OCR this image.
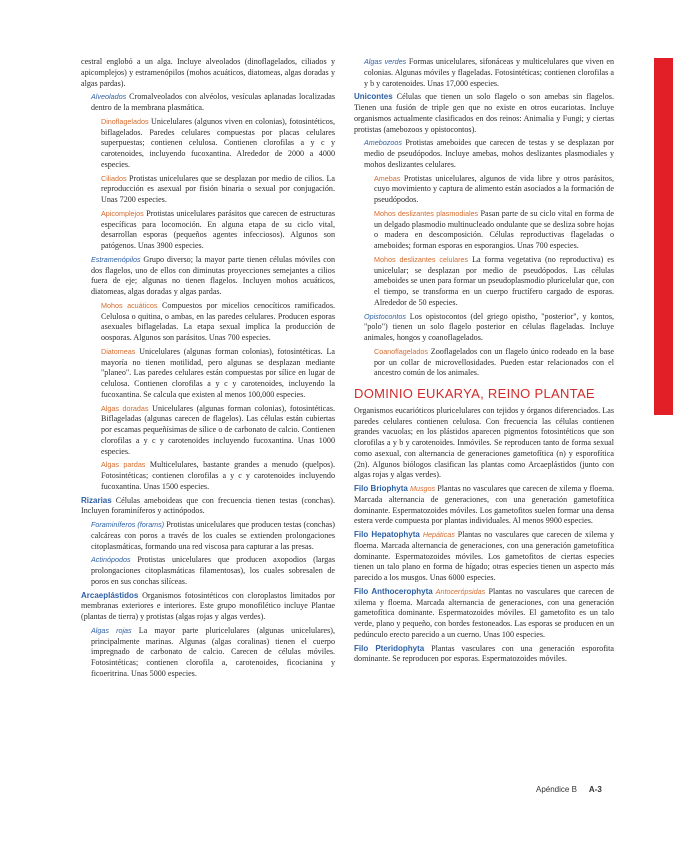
cestral englobó a un alga. Incluye alveolados (dinoflagelados, ciliados y apicomplejos) y estramenópilos (mohos acuáticos, diatomeas, algas doradas y algas pardas).

Alveolados Cromalveolados con alvéolos, vesículas aplanadas localizadas dentro de la membrana plasmática.

Dinoflagelados Unicelulares (algunos viven en colonias), fotosintéticos, biflagelados. Paredes celulares compuestas por placas celulares superpuestas; contienen celulosa. Contienen clorofilas a y c y carotenoides, incluyendo fucoxantina. Alrededor de 2000 a 4000 especies.

Ciliados Protistas unicelulares que se desplazan por medio de cilios. La reproducción es asexual por fisión binaria o sexual por conjugación. Unas 7200 especies.

Apicomplejos Protistas unicelulares parásitos que carecen de estructuras específicas para locomoción. En alguna etapa de su ciclo vital, desarrollan esporas (pequeños agentes infecciosos). Algunos son patógenos. Unas 3900 especies.

Estramenópilos Grupo diverso; la mayor parte tienen células móviles con dos flagelos, uno de ellos con diminutas proyecciones semejantes a cilios fuera de eje; algunas no tienen flagelos. Incluyen mohos acuáticos, diatomeas, algas doradas y algas pardas.

Mohos acuáticos Compuestos por micelios cenocíticos ramificados. Celulosa o quitina, o ambas, en las paredes celulares. Producen esporas asexuales biflageladas. La etapa sexual implica la producción de oosporas. Algunos son parásitos. Unas 700 especies.

Diatomeas Unicelulares (algunas forman colonias), fotosintéticas. La mayoría no tienen motilidad, pero algunas se desplazan mediante "planeo". Las paredes celulares están compuestas por sílice en lugar de celulosa. Contienen clorofilas a y c y carotenoides, incluyendo la fucoxantina. Se calcula que existen al menos 100,000 especies.

Algas doradas Unicelulares (algunas forman colonias), fotosintéticas. Biflageladas (algunas carecen de flagelos). Las células están cubiertas por escamas pequeñísimas de sílice o de carbonato de calcio. Contienen clorofilas a y c y carotenoides incluyendo fucoxantina. Unas 1000 especies.

Algas pardas Multicelulares, bastante grandes a menudo (quelpos). Fotosintéticas; contienen clorofilas a y c y carotenoides incluyendo fucoxantina. Unas 1500 especies.

Rizarias Células ameboideas que con frecuencia tienen testas (conchas). Incluyen foraminíferos y actinópodos.

Foraminíferos (forams) Protistas unicelulares que producen testas (conchas) calcáreas con poros a través de los cuales se extienden prolongaciones citoplasmáticas, formando una red viscosa para capturar a las presas.

Actinópodos Protistas unicelulares que producen axopodios (largas prolongaciones citoplasmáticas filamentosas), los cuales sobresalen de poros en sus conchas silíceas.

Arcaeplástidos Organismos fotosintéticos con cloroplastos limitados por membranas exteriores e interiores. Este grupo monofilético incluye Plantae (plantas de tierra) y protistas (algas rojas y algas verdes).

Algas rojas La mayor parte pluricelulares (algunas unicelulares), principalmente marinas. Algunas (algas coralinas) tienen el cuerpo impregnado de carbonato de calcio. Carecen de células móviles. Fotosintéticas; contienen clorofila a, carotenoides, ficocianina y ficoeritrina. Unas 5000 especies.

Algas verdes Formas unicelulares, sifonáceas y multicelulares que viven en colonias. Algunas móviles y flageladas. Fotosintéticas; contienen clorofilas a y b y carotenoides. Unas 17,000 especies.

Unicontes Células que tienen un solo flagelo o son amebas sin flagelos. Tienen una fusión de triple gen que no existe en otros eucariotas. Incluye organismos actualmente clasificados en dos reinos: Animalia y Fungi; y ciertas protistas (amebozoos y opistocontos).

Amebozoos Protistas ameboides que carecen de testas y se desplazan por medio de pseudópodos. Incluye amebas, mohos deslizantes plasmodiales y mohos deslizantes celulares.

Amebas Protistas unicelulares, algunos de vida libre y otros parásitos, cuyo movimiento y captura de alimento están asociados a la formación de pseudópodos.

Mohos deslizantes plasmodiales Pasan parte de su ciclo vital en forma de un delgado plasmodio multinucleado ondulante que se desliza sobre hojas o madera en descomposición. Células reproductivas flageladas o ameboides; forman esporas en esporangios. Unas 700 especies.

Mohos deslizantes celulares La forma vegetativa (no reproductiva) es unicelular; se desplazan por medio de pseudópodos. Las células ameboides se unen para formar un pseudoplasmodio pluricelular que, con el tiempo, se transforma en un cuerpo fructífero cargado de esporas. Alrededor de 50 especies.

Opistocontos Los opistocontos (del griego opistho, "posterior", y kontos, "polo") tienen un solo flagelo posterior en células flageladas. Incluye animales, hongos y coanoflagelados.

Coanoflagelados Zooflagelados con un flagelo único rodeado en la base por un collar de microvellosidades. Pueden estar relacionados con el ancestro común de los animales.

DOMINIO EUKARYA, REINO PLANTAE

Organismos eucarióticos pluricelulares con tejidos y órganos diferenciados. Las paredes celulares contienen celulosa. Con frecuencia las células contienen grandes vacuolas; en los plástidos aparecen pigmentos fotosintéticos que son clorofilas a y b y carotenoides. Inmóviles. Se reproducen tanto de forma sexual como asexual, con alternancia de generaciones gametofítica (n) y esporofítica (2n). Algunos biólogos clasifican las plantas como Arcaeplástidos (junto con algas rojas y algas verdes).

Filo Briophyta Musgos Plantas no vasculares que carecen de xilema y floema. Marcada alternancia de generaciones, con una generación gametofítica dominante. Espermatozoides móviles. Los gametofitos suelen formar una densa estera verde compuesta por plantas individuales. Al menos 9900 especies.

Filo Hepatophyta Hepáticas Plantas no vasculares que carecen de xilema y floema. Marcada alternancia de generaciones, con una generación gametofítica dominante. Espermatozoides móviles. Los gametofitos de ciertas especies tienen un talo plano en forma de hígado; otras especies tienen un aspecto más parecido a los musgos. Unas 6000 especies.

Filo Anthocerophyta Antocerópsidas Plantas no vasculares que carecen de xilema y floema. Marcada alternancia de generaciones, con una generación gametofítica dominante. Espermatozoides móviles. El gametofito es un talo verde, plano y pequeño, con bordes festoneados. Las esporas se producen en un pedúnculo erecto parecido a un cuerno. Unas 100 especies.

Filo Pteridophyta Plantas vasculares con una generación esporofita dominante. Se reproducen por esporas. Espermatozoides móviles.

Apéndice B A-3
